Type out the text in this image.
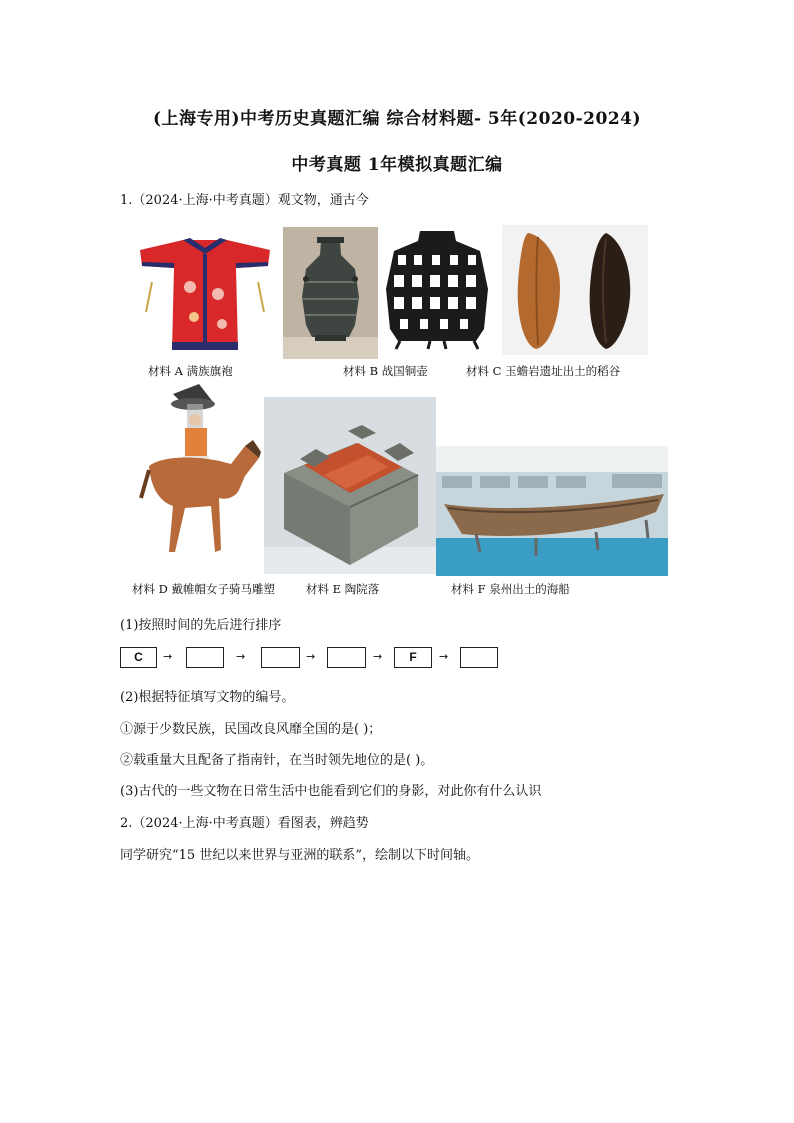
(上海专用)中考历史真题汇编 综合材料题- 5年(2020-2024)
中考真题 1年模拟真题汇编
1.（2024·上海·中考真题）观文物，通古今
材料 A 满族旗袍	材料 B 战国铜壶	材料 C 玉蟾岩遗址出土的稻谷
材料 D 戴帷帽女子骑马雕塑	材料 E 陶院落	材料 F 泉州出土的海船
(1)按照时间的先后进行排序
C	→	→	→	→	F	→
(2)根据特征填写文物的编号。
①源于少数民族，民国改良风靡全国的是( )；
②载重量大且配备了指南针，在当时领先地位的是( )。
(3)古代的一些文物在日常生活中也能看到它们的身影，对此你有什么认识
2.（2024·上海·中考真题）看图表，辨趋势
同学研究“15 世纪以来世界与亚洲的联系”，绘制以下时间轴。
